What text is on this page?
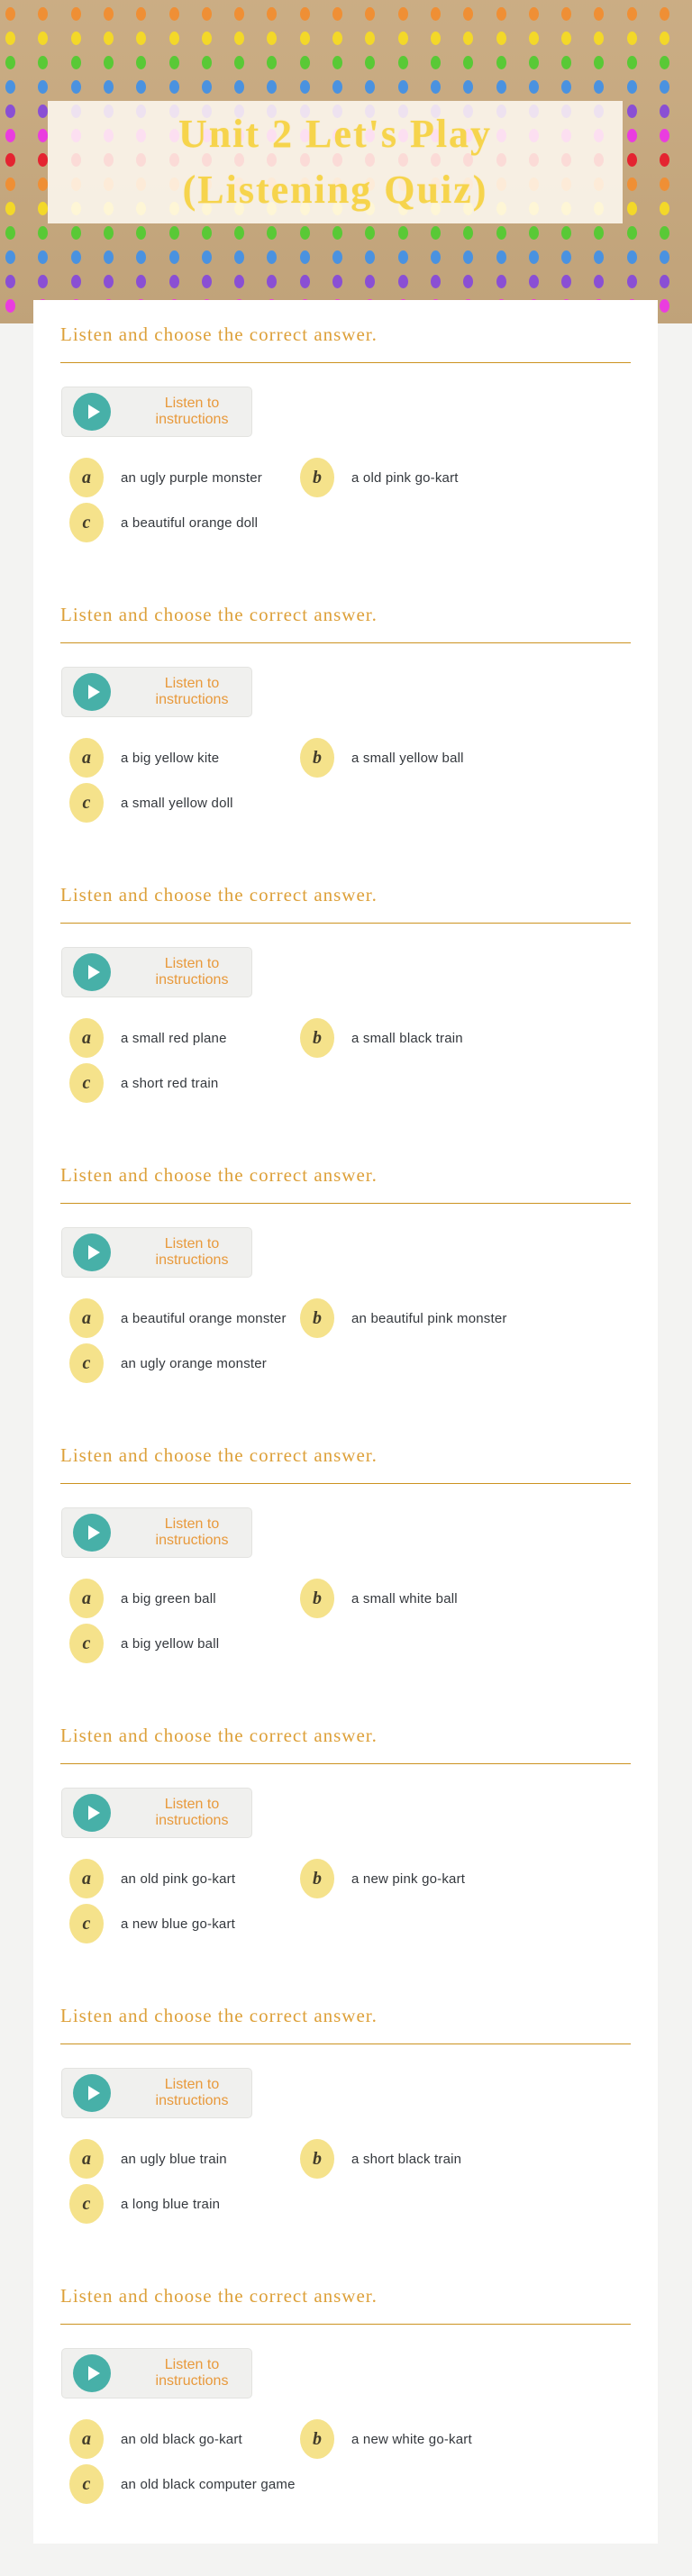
Unit 2 Let's Play
(Listening Quiz)
Listen and choose the correct answer.
Listen to instructions
a	an ugly purple monster	b	a old pink go-kart
c	a beautiful orange doll
Listen and choose the correct answer.
Listen to instructions
a	a big yellow kite	b	a small yellow ball
c	a small yellow doll
Listen and choose the correct answer.
Listen to instructions
a	a small red plane	b	a small black train
c	a short red train
Listen and choose the correct answer.
Listen to instructions
a	a beautiful orange monster	b	an beautiful pink monster
c	an ugly orange monster
Listen and choose the correct answer.
Listen to instructions
a	a big green ball	b	a small white ball
c	a big yellow ball
Listen and choose the correct answer.
Listen to instructions
a	an old pink go-kart	b	a new pink go-kart
c	a new blue go-kart
Listen and choose the correct answer.
Listen to instructions
a	an ugly blue train	b	a short black train
c	a long blue train
Listen and choose the correct answer.
Listen to instructions
a	an old black go-kart	b	a new white go-kart
c	an old black computer game
